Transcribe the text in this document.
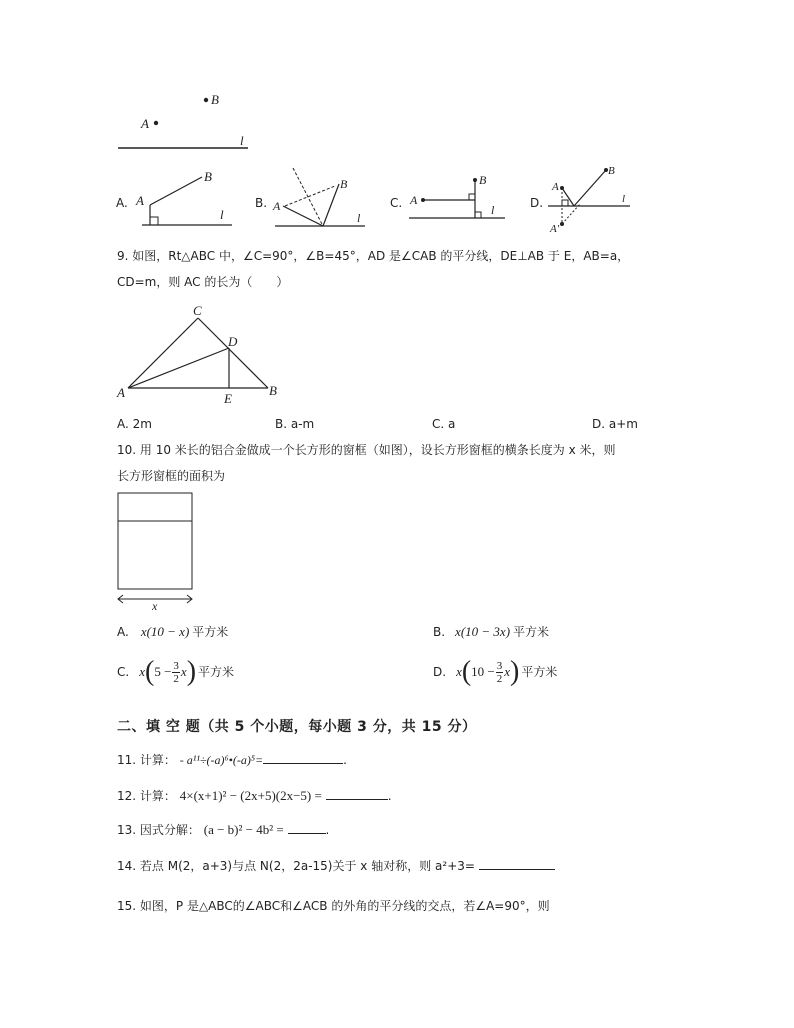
B
A
l
A. A
B
l
B. A
B
l
C. A
B
l	D.
A
B
A'
l
9. 如图，Rt△ABC 中，∠C=90°，∠B=45°，AD 是∠CAB 的平分线，DE⊥AB 于 E，AB=a，
CD=m，则 AC 的长为（　　）
C
D
A	B
E
A. 2m	B. a-m	C. a	D. a+m
10. 用 10 米长的铝合金做成一个长方形的窗框（如图），设长方形窗框的横条长度为 x 米，则
长方形窗框的面积为
x
A. x(10 − x) 平方米	B. x(10 − 3x) 平方米
C. x ( $5 - \frac{3}{2}$ x ) 平方米	D. x ( $10 - \frac{3}{2}$ x ) 平方米
二、填 空 题（共 5 个小题，每小题 3 分，共 15 分）
11. 计算： - a¹¹÷(-a)⁶•(-a)⁵=	.
12. 计算： 4×(x+1)² − (2x+5)(2x−5) =	.
13. 因式分解： (a − b)² − 4b² =	.
14. 若点 M(2，a+3)与点 N(2，2a-15)关于 x 轴对称，则 a²+3=
15. 如图，P 是△ABC的∠ABC和∠ACB 的外角的平分线的交点，若∠A=90°，则
